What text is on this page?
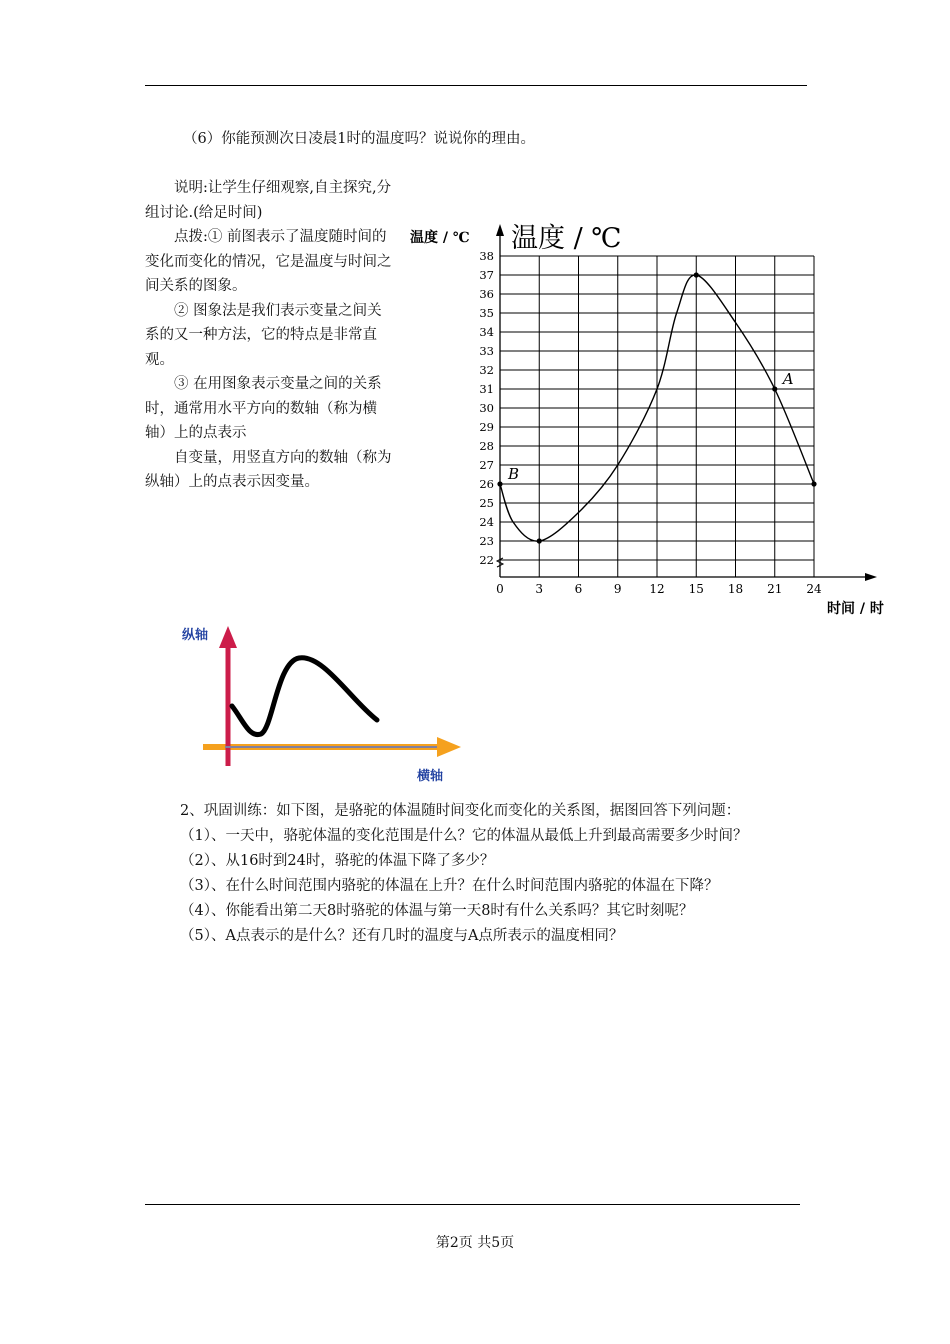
（6）你能预测次日凌晨1时的温度吗？说说你的理由。

说明:让学生仔细观察,自主探究,分组讨论.(给足时间)

点拨:① 前图表示了温度随时间的变化而变化的情况，它是温度与时间之间关系的图象。

② 图象法是我们表示变量之间关系的又一种方法，它的特点是非常直观。

③ 在用图象表示变量之间的关系时，通常用水平方向的数轴（称为横轴）上的点表示

自变量，用竖直方向的数轴（称为纵轴）上的点表示因变量。

0	3	6	9 12 15 18 21 24
22
23
24
25
26
27
28
29
30
31
32
33
34
35
36
37
38
B
A
温度 / ℃ 温度 / ℃
时间 / 时
纵轴
横轴
2、巩固训练：如下图，是骆驼的体温随时间变化而变化的关系图，据图回答下列问题：
（1）、一天中，骆驼体温的变化范围是什么？它的体温从最低上升到最高需要多少时间？
（2）、从16时到24时，骆驼的体温下降了多少？
（3）、在什么时间范围内骆驼的体温在上升？在什么时间范围内骆驼的体温在下降？
（4）、你能看出第二天8时骆驼的体温与第一天8时有什么关系吗？其它时刻呢？
（5）、A点表示的是什么？还有几时的温度与A点所表示的温度相同？
第2页 共5页
